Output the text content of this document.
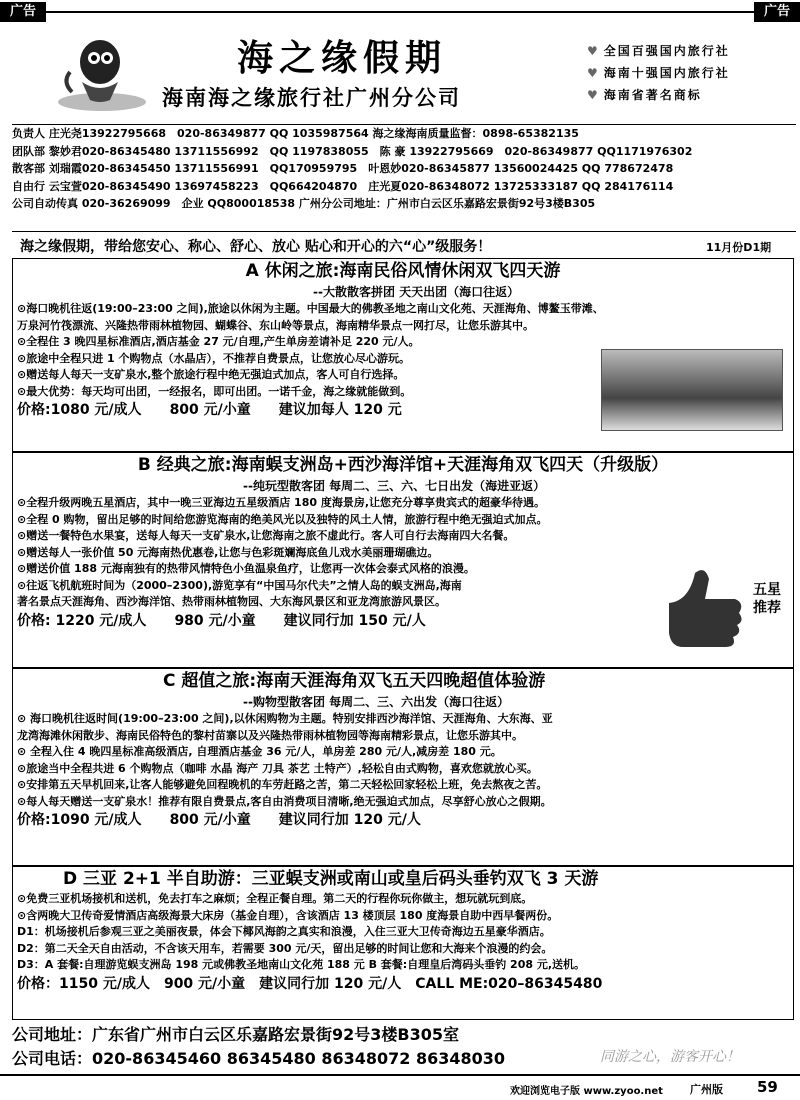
广告	广告
海之缘假期
海南海之缘旅行社广州分公司
♥ 全国百强国内旅行社
♥ 海南十强国内旅行社
♥ 海南省著名商标
负责人 庄光尧13922795668　020-86349877 QQ 1035987564 海之缘海南质量监督：0898-65382135
团队部 黎妙君020-86345480 13711556992　QQ 1197838055　陈 豪 13922795669　020-86349877 QQ1171976302
散客部 刘瑞霞020-86345450 13711556991　QQ170959795　叶恩妙020-86345877 13560024425 QQ 778672478
自由行 云宝萱020-86345490 13697458223　QQ664204870　庄光夏020-86348072 13725333187 QQ 284176114
公司自动传真 020-36269099　企业 QQ800018538 广州分公司地址：广州市白云区乐嘉路宏景街92号3楼B305
海之缘假期，带给您安心、称心、舒心、放心 贴心和开心的六“心”级服务！	11月份D1期
A 休闲之旅:海南民俗风情休闲双飞四天游
--大散散客拼团 天天出团（海口往返）
⊙海口晚机往返(19:00–23:00 之间),旅途以休闲为主题。中国最大的佛教圣地之南山文化苑、天涯海角、博鳌玉带滩、
万泉河竹筏漂流、兴隆热带雨林植物园、蝴蝶谷、东山岭等景点，海南精华景点一网打尽，让您乐游其中。
⊙全程住 3 晚四星标准酒店,酒店基金 27 元/自理,产生单房差请补足 220 元/人。
⊙旅途中全程只进 1 个购物点（水晶店），不推荐自费景点，让您放心尽心游玩。
⊙赠送每人每天一支矿泉水,整个旅途行程中绝无强迫式加点，客人可自行选择。
⊙最大优势：每天均可出团，一经报名，即可出团。一诺千金，海之缘就能做到。
价格:1080 元/成人　　 800 元/小童　　 建议加每人 120 元
B 经典之旅:海南蜈支洲岛+西沙海洋馆+天涯海角双飞四天（升级版）
--纯玩型散客团 每周二、三、六、七日出发（海进亚返）
⊙全程升级两晚五星酒店，其中一晚三亚海边五星级酒店 180 度海景房,让您充分尊享贵宾式的超豪华待遇。
⊙全程 0 购物，留出足够的时间给您游览海南的绝美风光以及独特的风土人情，旅游行程中绝无强迫式加点。
⊙赠送一餐特色水果宴，送每人每天一支矿泉水,让您海南之旅不虚此行。客人可自行去海南四大名餐。
⊙赠送每人一张价值 50 元海南热优惠卷,让您与色彩斑斓海底鱼儿戏水美丽珊瑚礁边。
⊙赠送价值 188 元海南独有的热带风情特色小鱼温泉鱼疗，让您再一次体会泰式风格的浪漫。
⊙往返飞机航班时间为（2000–2300),游览享有“中国马尔代夫”之情人岛的蜈支洲岛,海南
著名景点天涯海角、西沙海洋馆、热带雨林植物园、大东海风景区和亚龙湾旅游风景区。
价格: 1220 元/成人　　 980 元/小童　　 建议同行加 150 元/人
五星推荐
C 超值之旅:海南天涯海角双飞五天四晚超值体验游
--购物型散客团 每周二、三、六出发（海口往返）
⊙ 海口晚机往返时间(19:00–23:00 之间),以休闲购物为主题。特别安排西沙海洋馆、天涯海角、大东海、亚
龙湾海滩休闲散步、海南民俗特色的黎村苗寨以及兴隆热带雨林植物园等海南精彩景点，让您乐游其中。
⊙ 全程入住 4 晚四星标准高级酒店, 自理酒店基金 36 元/人，单房差 280 元/人,减房差 180 元。
⊙旅途当中全程共进 6 个购物点（咖啡 水晶 海产 刀具 茶艺 土特产）,轻松自由式购物，喜欢您就放心买。
⊙安排第五天早机回来,让客人能够避免回程晚机的车劳赶路之苦，第二天轻松回家轻松上班，免去熬夜之苦。
⊙每人每天赠送一支矿泉水！推荐有限自费景点,客自由消费项目清晰,绝无强迫式加点，尽享舒心放心之假期。
价格:1090 元/成人　　 800 元/小童　　 建议同行加 120 元/人
D 三亚 2+1 半自助游：三亚蜈支洲或南山或皇后码头垂钓双飞 3 天游
⊙免费三亚机场接机和送机，免去打车之麻烦；全程正餐自理。第二天的行程你玩你做主，想玩就玩到底。
⊙含两晚大卫传奇爱情酒店高级海景大床房（基金自理），含该酒店 13 楼顶层 180 度海景自助中西早餐两份。
D1：机场接机后参观三亚之美丽夜景，体会下椰风海韵之真实和浪漫，入住三亚大卫传奇海边五星豪华酒店。
D2：第二天全天自由活动，不含该天用车，若需要 300 元/天，留出足够的时间让您和大海来个浪漫的约会。
D3：A 套餐:自理游览蜈支洲岛 198 元或佛教圣地南山文化苑 188 元 B 套餐:自理皇后湾码头垂钓 208 元,送机。
价格：1150 元/成人　 900 元/小童　 建议同行加 120 元/人　 CALL ME:020–86345480
公司地址：广东省广州市白云区乐嘉路宏景街92号3楼B305室
公司电话：020-86345460 86345480 86348072 86348030	同游之心，游客开心！
欢迎浏览电子版 www.zyoo.net 广州版 59
